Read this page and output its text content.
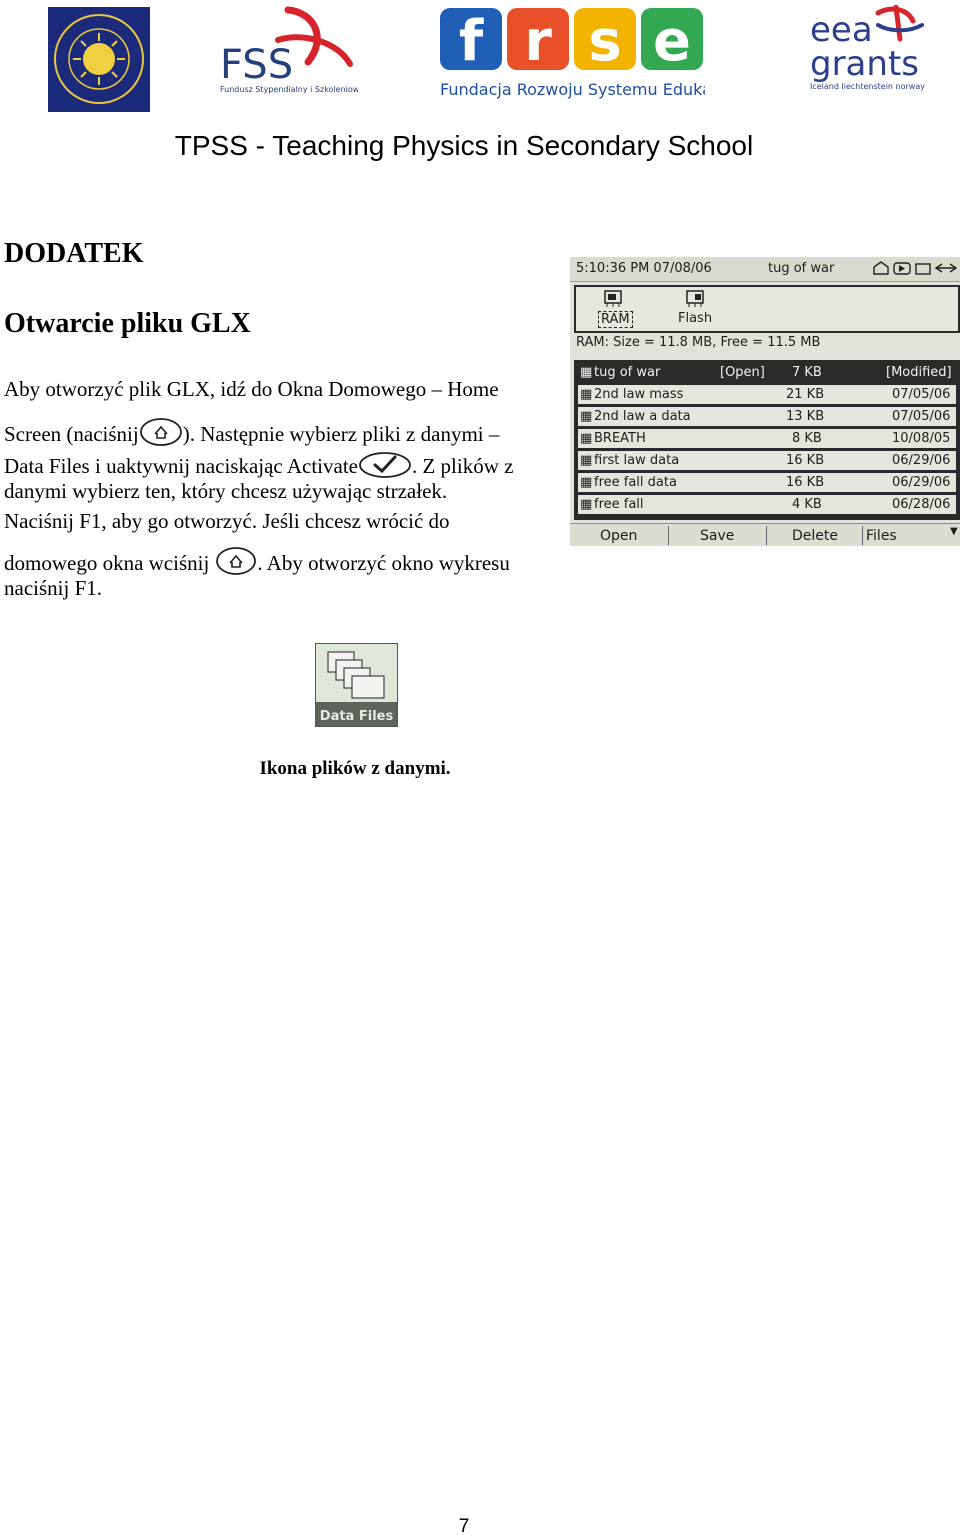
FSS
Fundusz Stypendialny i Szkoleniowy
f r s e
Fundacja Rozwoju Systemu Edukacji
eea
grants
Iceland liechtenstein norway
TPSS - Teaching Physics in Secondary School
DODATEK
Otwarcie pliku GLX
Aby otworzyć plik GLX, idź do Okna Domowego – Home
Screen (naciśnij ). Następnie wybierz pliki z danymi –
Data Files i uaktywnij naciskając Activate	. Z plików z
danymi wybierz ten, który chcesz używając strzałek.
Naciśnij F1, aby go otworzyć. Jeśli chcesz wrócić do
domowego okna wciśnij . Aby otworzyć okno wykresu
naciśnij F1.
5:10:36 PM 07/08/06	tug of war
RAM	Flash
RAM: Size = 11.8 MB, Free = 11.5 MB
▦ tug of war	[Open] 7 KB	[Modified]
▦ 2nd law mass	21 KB	07/05/06
▦ 2nd law a data	13 KB	07/05/06
▦ BREATH	8 KB	10/08/05
▦ first law data	16 KB	06/29/06
▦ free fall data	16 KB	06/29/06
▦ free fall	4 KB	06/28/06
Open	Save	Delete Files	▼
Data Files
Ikona plików z danymi.
7
